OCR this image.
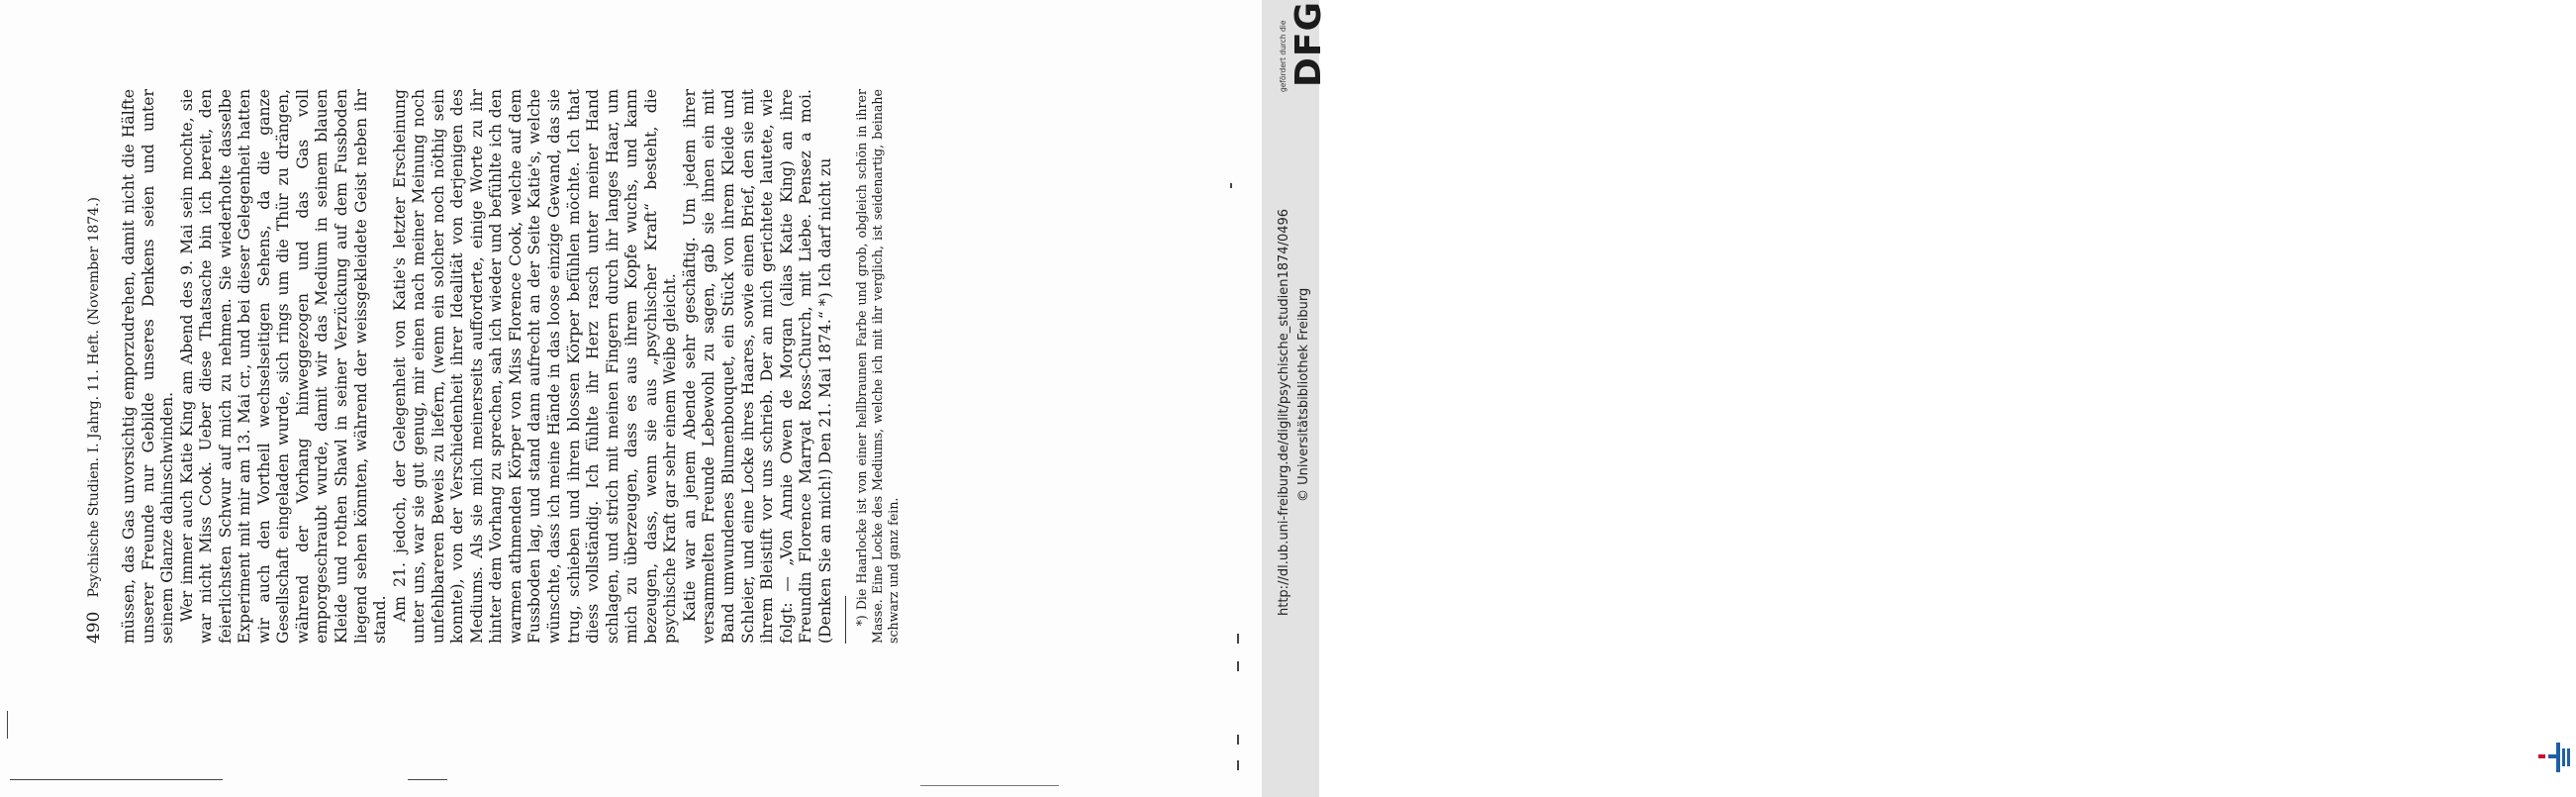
490
Psychische Studien. I. Jahrg. 11. Heft. (November 1874.) müssen, das Gas unvorsichtig emporzudrehen, damit nicht die Hälfte unserer Freunde nur Gebilde unseres Denkens seien und unter seinem Glanze dahinschwinden. Wer immer auch Katie King am Abend des 9. Mai sein mochte, sie war nicht Miss Cook. Ueber diese Thatsache bin ich bereit, den feierlichsten Schwur auf mich zu nehmen. Sie wiederholte dasselbe Experiment mit mir am 13. Mai cr., und bei dieser Gelegenheit hatten wir auch den Vortheil wechselseitigen Sehens, da die ganze Gesellschaft eingeladen wurde, sich rings um die Thür zu drängen, während der Vorhang hinweggezogen und das Gas voll emporgeschraubt wurde, damit wir das Medium in seinem blauen Kleide und rothen Shawl in seiner Verzückung auf dem Fussboden liegend sehen könnten, während der weissgekleidete Geist neben ihr stand. Am 21. jedoch, der Gelegenheit von Katie's letzter Erscheinung unter uns, war sie gut genug, mir einen nach meiner Meinung noch unfehlbareren Beweis zu liefern, (wenn ein solcher noch nöthig sein konnte), von der Verschiedenheit ihrer Idealität von derjenigen des Mediums. Als sie mich meinerseits aufforderte, einige Worte zu ihr hinter dem Vorhang zu sprechen, sah ich wieder und befühlte ich den warmen athmenden Körper von Miss Florence Cook, welche auf dem Fussboden lag, und stand dann aufrecht an der Seite Katie's, welche wünschte, dass ich meine Hände in das loose einzige Gewand, das sie trug, schieben und ihren blossen Körper befühlen möchte. Ich that diess vollständig. Ich fühlte ihr Herz rasch unter meiner Hand schlagen, und strich mit meinen Fingern durch ihr langes Haar, um mich zu überzeugen, dass es aus ihrem Kopfe wuchs, und kann bezeugen, dass, wenn sie aus „psychischer Kraft“ besteht, die psychische Kraft gar sehr einem Weibe gleicht. Katie war an jenem Abende sehr geschäftig. Um jedem ihrer versammelten Freunde Lebewohl zu sagen, gab sie ihnen ein mit Band umwundenes Blumenbouquet, ein Stück von ihrem Kleide und Schleier, und eine Locke ihres Haares, sowie einen Brief, den sie mit ihrem Bleistift vor uns schrieb. Der an mich gerichtete lautete, wie folgt: — „Von Annie Owen de Morgan (alias Katie King) an ihre Freundin Florence Marryat Ross-Church, mit Liebe. Pensez a moi. (Denken Sie an mich!) Den 21. Mai 1874.“ *) Ich darf nicht zu *) Die Haarlocke ist von einer hellbraunen Farbe und grob, obgleich schön in ihrer Masse. Eine Locke des Mediums, welche ich mit ihr verglich, ist seidenartig, beinahe schwarz und ganz fein.	http://dl.ub.uni-freiburg.de/diglit/psychische_studien1874/0496 © Universitätsbibliothek Freiburg
gefördert durch die DFG
